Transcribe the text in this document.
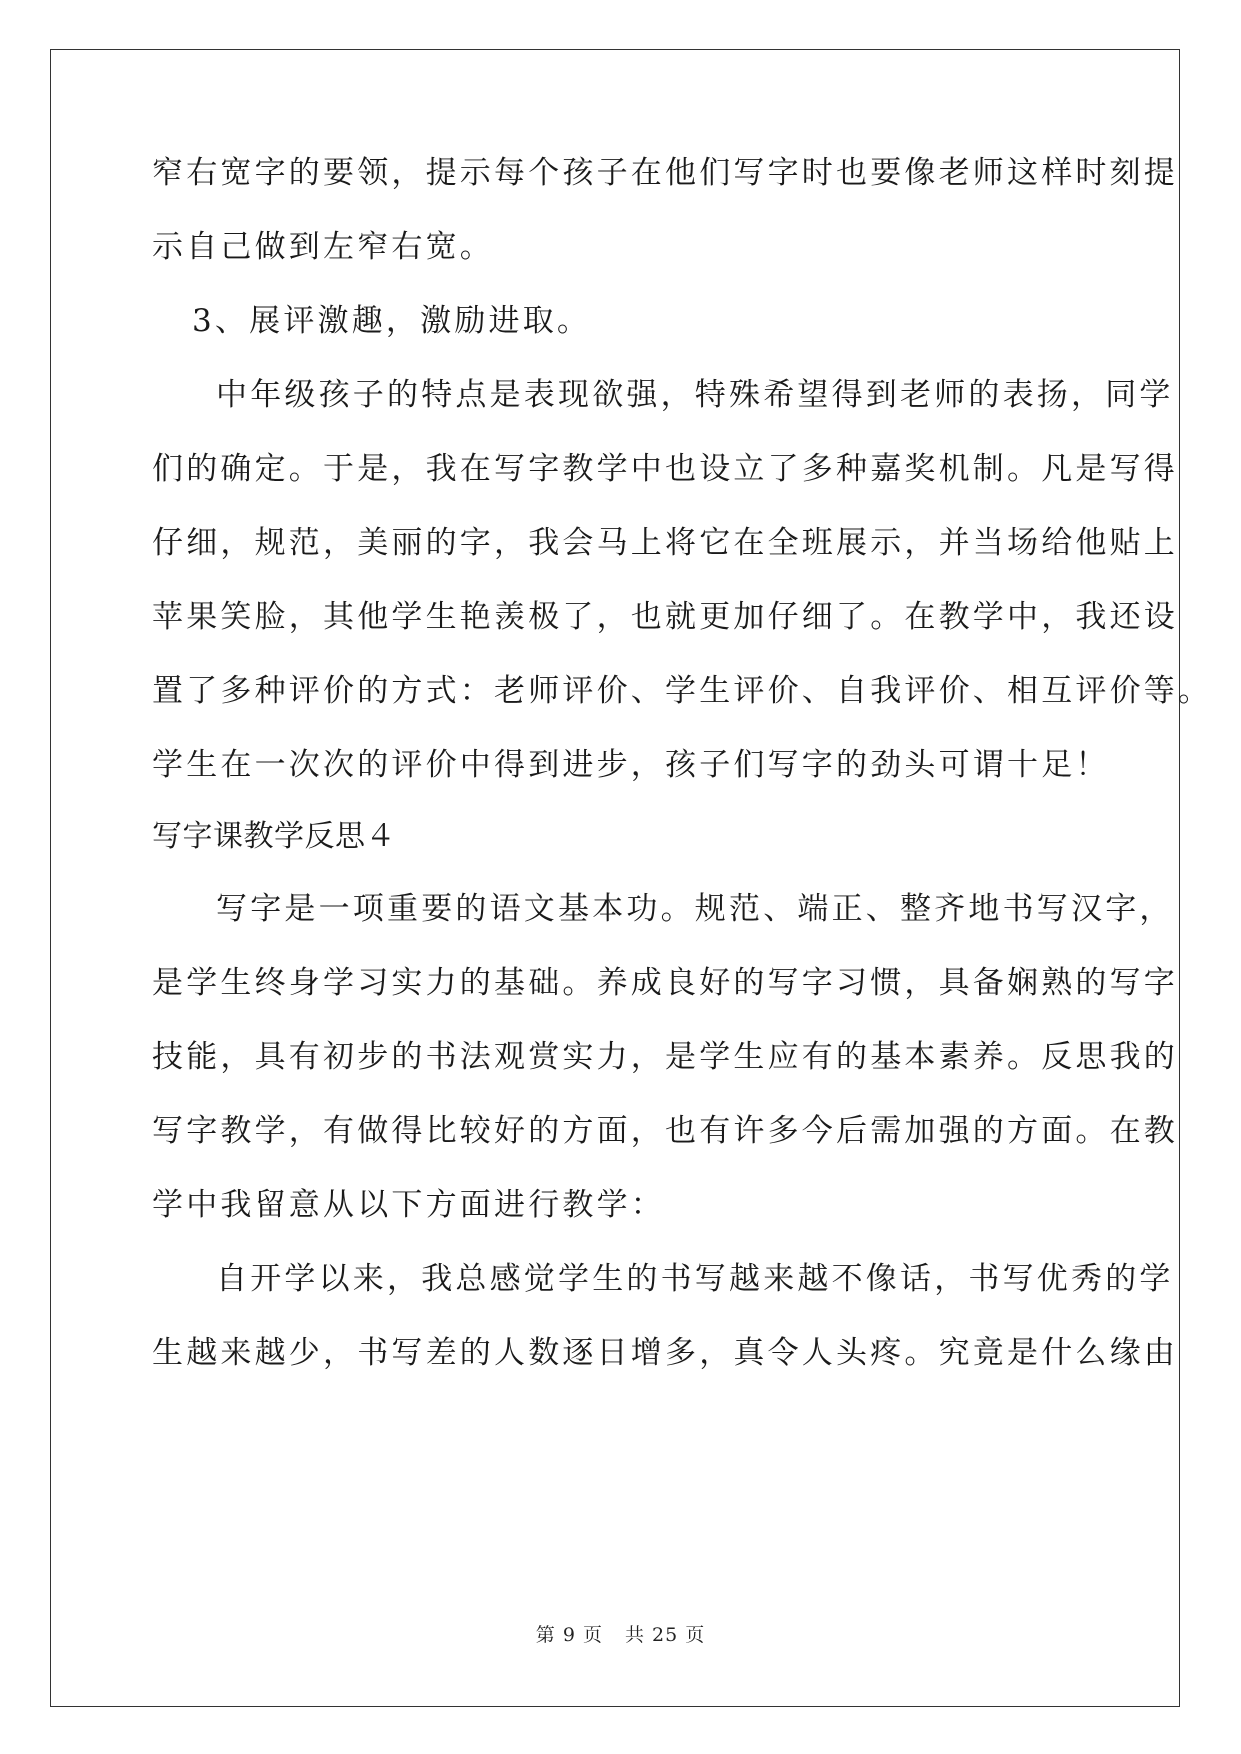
窄右宽字的要领，提示每个孩子在他们写字时也要像老师这样时刻提
示自己做到左窄右宽。
3、展评激趣，激励进取。
中年级孩子的特点是表现欲强，特殊希望得到老师的表扬，同学
们的确定。于是，我在写字教学中也设立了多种嘉奖机制。凡是写得
仔细，规范，美丽的字，我会马上将它在全班展示，并当场给他贴上
苹果笑脸，其他学生艳羡极了，也就更加仔细了。在教学中，我还设
置了多种评价的方式：老师评价、学生评价、自我评价、相互评价等。
学生在一次次的评价中得到进步，孩子们写字的劲头可谓十足！
写字课教学反思４
写字是一项重要的语文基本功。规范、端正、整齐地书写汉字，
是学生终身学习实力的基础。养成良好的写字习惯，具备娴熟的写字
技能，具有初步的书法观赏实力，是学生应有的基本素养。反思我的
写字教学，有做得比较好的方面，也有许多今后需加强的方面。在教
学中我留意从以下方面进行教学：
自开学以来，我总感觉学生的书写越来越不像话，书写优秀的学
生越来越少，书写差的人数逐日增多，真令人头疼。究竟是什么缘由
第 9 页 共 25 页
